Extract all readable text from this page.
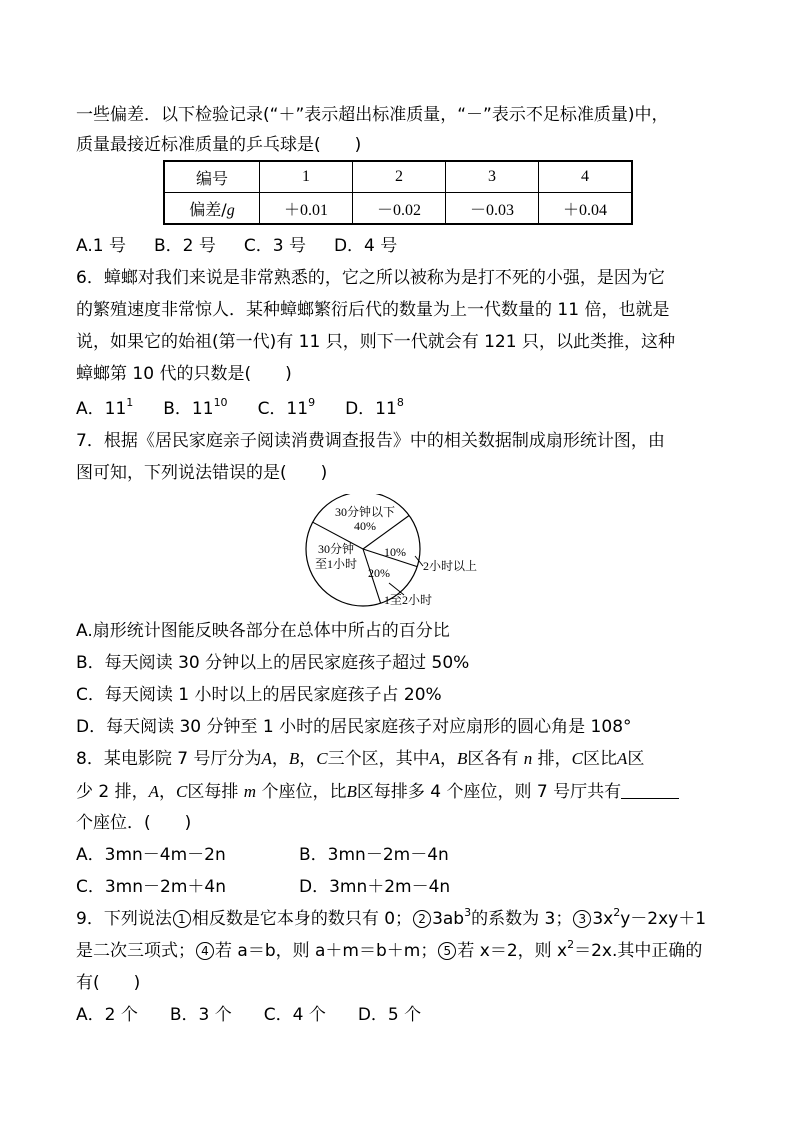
一些偏差．以下检验记录(“＋”表示超出标准质量，“－”表示不足标准质量)中，
质量最接近标准质量的乒乓球是(　　)
编号	1	2	3	4
偏差/g	＋0.01	－0.02	－0.03	＋0.04
A.1 号 B．2 号 C．3 号 D．4 号
6．蟑螂对我们来说是非常熟悉的，它之所以被称为是打不死的小强，是因为它
的繁殖速度非常惊人．某种蟑螂繁衍后代的数量为上一代数量的 11 倍，也就是
说，如果它的始祖(第一代)有 11 只，则下一代就会有 121 只，以此类推，这种
蟑螂第 10 代的只数是(　　)
A．$11^1$ B．$11^{10}$ C．$11^9$ D．$11^8$
7．根据《居民家庭亲子阅读消费调查报告》中的相关数据制成扇形统计图，由
图可知，下列说法错误的是(　　)
30分钟以下
40%
30分钟
至1小时
10%
20%	2小时以上
1至2小时
A.扇形统计图能反映各部分在总体中所占的百分比
B．每天阅读 30 分钟以上的居民家庭孩子超过 50%
C．每天阅读 1 小时以上的居民家庭孩子占 20%
D．每天阅读 30 分钟至 1 小时的居民家庭孩子对应扇形的圆心角是 108°
8．某电影院 7 号厅分为A，B，C三个区，其中A，B区各有 n 排，C区比A区
少 2 排，A，C区每排 m 个座位，比B区每排多 4 个座位，则 7 号厅共有
个座位．(　　)
A．3mn－4m－2n	B．3mn－2m－4n
C．3mn－2m＋4n	D．3mn＋2m－4n
9．下列说法 1 相反数是它本身的数只有 0； 2 $3ab^3$的系数为 3； 3 $3x^2y-2xy+1$
是二次三项式； 4 若 a＝b，则 a＋m＝b＋m； 5 若 x＝2，则 $x^2=2x$.其中正确的
有(　　)
A．2 个 B．3 个 C．4 个 D．5 个
